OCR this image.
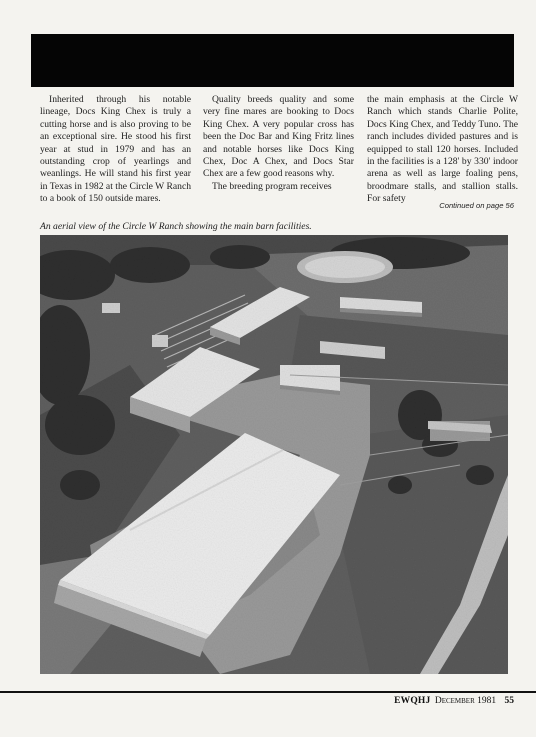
Inherited through his notable lineage, Docs King Chex is truly a cutting horse and is also proving to be an exceptional sire. He stood his first year at stud in 1979 and has an outstanding crop of yearlings and weanlings. He will stand his first year in Texas in 1982 at the Circle W Ranch to a book of 150 outside mares.

Quality breeds quality and some very fine mares are booking to Docs King Chex. A very popular cross has been the Doc Bar and King Fritz lines and notable horses like Docs King Chex, Doc A Chex, and Docs Star Chex are a few good reasons why.

The breeding program receives

the main emphasis at the Circle W Ranch which stands Charlie Polite, Docs King Chex, and Teddy Tuno. The ranch includes divided pastures and is equipped to stall 120 horses. Included in the facilities is a 128' by 330' indoor arena as well as large foaling pens, broodmare stalls, and stallion stalls. For safety

Continued on page 56
An aerial view of the Circle W Ranch showing the main barn facilities.
EWQHJ December 1981 55
